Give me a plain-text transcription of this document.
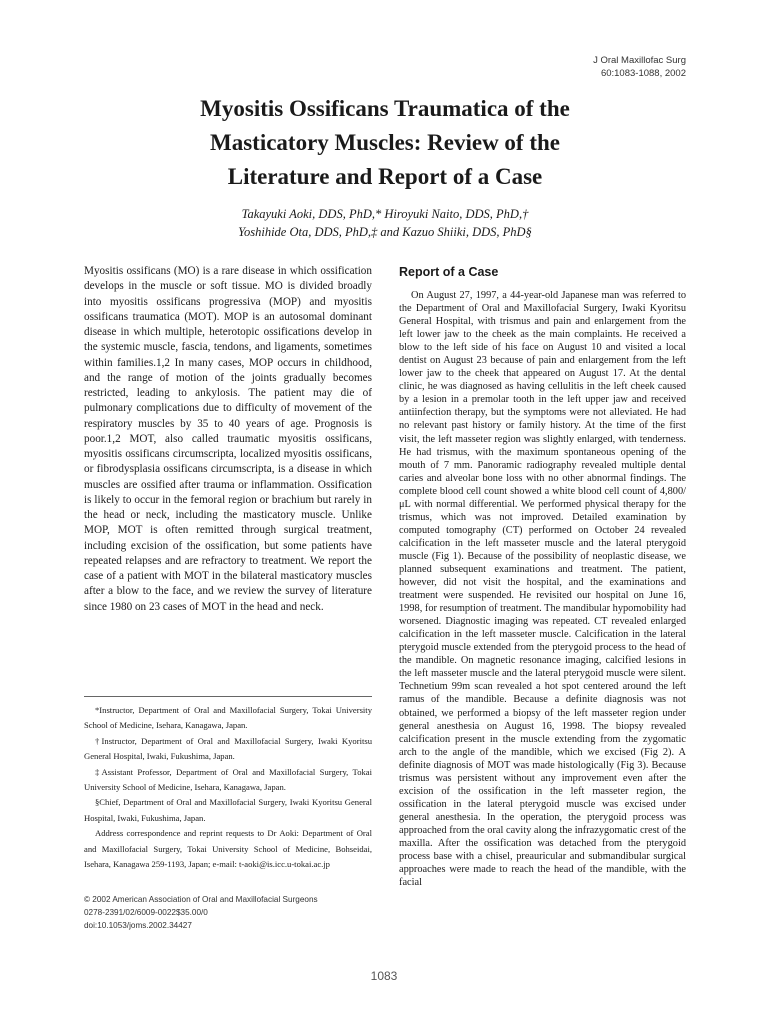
J Oral Maxillofac Surg
60:1083-1088, 2002
Myositis Ossificans Traumatica of the
Masticatory Muscles: Review of the
Literature and Report of a Case
Takayuki Aoki, DDS, PhD,* Hiroyuki Naito, DDS, PhD,†
Yoshihide Ota, DDS, PhD,‡ and Kazuo Shiiki, DDS, PhD§

Myositis ossificans (MO) is a rare disease in which ossification develops in the muscle or soft tissue. MO is divided broadly into myositis ossificans progressiva (MOP) and myositis ossificans traumatica (MOT). MOP is an autosomal dominant disease in which multiple, heterotopic ossifications develop in the systemic muscle, fascia, tendons, and ligaments, sometimes within families.1,2 In many cases, MOP occurs in childhood, and the range of motion of the joints gradually becomes restricted, leading to ankylosis. The patient may die of pulmonary complications due to difficulty of movement of the respiratory muscles by 35 to 40 years of age. Prognosis is poor.1,2 MOT, also called traumatic myositis ossificans, myositis ossificans circumscripta, localized myositis ossificans, or fibrodysplasia ossificans circumscripta, is a disease in which muscles are ossified after trauma or inflammation. Ossification is likely to occur in the femoral region or brachium but rarely in the head or neck, including the masticatory muscle. Unlike MOP, MOT is often remitted through surgical treatment, including excision of the ossification, but some patients have repeated relapses and are refractory to treatment. We report the case of a patient with MOT in the bilateral masticatory muscles after a blow to the face, and we review the survey of literature since 1980 on 23 cases of MOT in the head and neck.

*Instructor, Department of Oral and Maxillofacial Surgery, Tokai University School of Medicine, Isehara, Kanagawa, Japan.

†Instructor, Department of Oral and Maxillofacial Surgery, Iwaki Kyoritsu General Hospital, Iwaki, Fukushima, Japan.

‡Assistant Professor, Department of Oral and Maxillofacial Surgery, Tokai University School of Medicine, Isehara, Kanagawa, Japan.

§Chief, Department of Oral and Maxillofacial Surgery, Iwaki Kyoritsu General Hospital, Iwaki, Fukushima, Japan.

Address correspondence and reprint requests to Dr Aoki: Department of Oral and Maxillofacial Surgery, Tokai University School of Medicine, Bohseidai, Isehara, Kanagawa 259-1193, Japan; e-mail: t-aoki@is.icc.u-tokai.ac.jp

© 2002 American Association of Oral and Maxillofacial Surgeons
0278-2391/02/6009-0022$35.00/0
doi:10.1053/joms.2002.34427
Report of a Case

On August 27, 1997, a 44-year-old Japanese man was referred to the Department of Oral and Maxillofacial Surgery, Iwaki Kyoritsu General Hospital, with trismus and pain and enlargement from the left lower jaw to the cheek as the main complaints. He received a blow to the left side of his face on August 10 and visited a local dentist on August 23 because of pain and enlargement from the left lower jaw to the cheek that appeared on August 17. At the dental clinic, he was diagnosed as having cellulitis in the left cheek caused by a lesion in a premolar tooth in the left upper jaw and received antiinfection therapy, but the symptoms were not alleviated. He had no relevant past history or family history. At the time of the first visit, the left masseter region was slightly enlarged, with tenderness. He had trismus, with the maximum spontaneous opening of the mouth of 7 mm. Panoramic radiography revealed multiple dental caries and alveolar bone loss with no other abnormal findings. The complete blood cell count showed a white blood cell count of 4,800/μL with normal differential. We performed physical therapy for the trismus, which was not improved. Detailed examination by computed tomography (CT) performed on October 24 revealed calcification in the left masseter muscle and the lateral pterygoid muscle (Fig 1). Because of the possibility of neoplastic disease, we planned subsequent examinations and treatment. The patient, however, did not visit the hospital, and the examinations and treatment were suspended. He revisited our hospital on June 16, 1998, for resumption of treatment. The mandibular hypomobility had worsened. Diagnostic imaging was repeated. CT revealed enlarged calcification in the left masseter muscle. Calcification in the lateral pterygoid muscle extended from the pterygoid process to the head of the mandible. On magnetic resonance imaging, calcified lesions in the left masseter muscle and the lateral pterygoid muscle were silent. Technetium 99m scan revealed a hot spot centered around the left ramus of the mandible. Because a definite diagnosis was not obtained, we performed a biopsy of the left masseter region under general anesthesia on August 16, 1998. The biopsy revealed calcification present in the muscle extending from the zygomatic arch to the angle of the mandible, which we excised (Fig 2). A definite diagnosis of MOT was made histologically (Fig 3). Because trismus was persistent without any improvement even after the excision of the ossification in the left masseter region, the ossification in the lateral pterygoid muscle was excised under general anesthesia. In the operation, the pterygoid process was approached from the oral cavity along the infrazygomatic crest of the maxilla. After the ossification was detached from the pterygoid process base with a chisel, preauricular and submandibular surgical approaches were made to reach the head of the mandible, with the facial

1083
